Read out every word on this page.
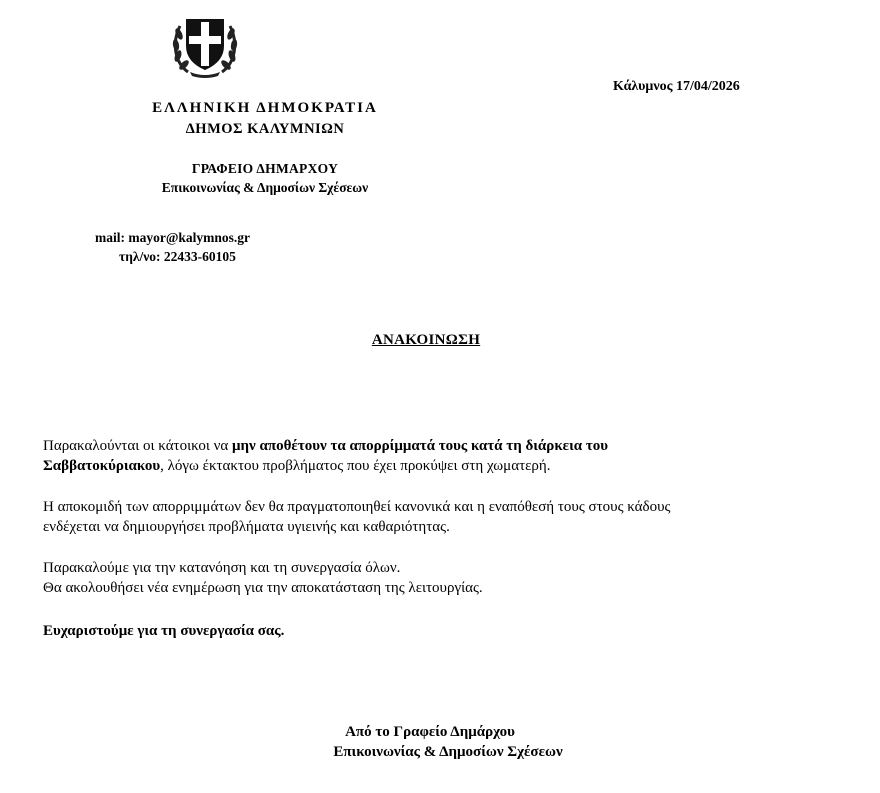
Κάλυμνος 17/04/2026
ΕΛΛΗΝΙΚΗ ΔΗΜΟΚΡΑΤΙΑ
ΔΗΜΟΣ ΚΑΛΥΜΝΙΩΝ
ΓΡΑΦΕΙΟ ΔΗΜΑΡΧΟΥ
Επικοινωνίας & Δημοσίων Σχέσεων
mail: mayor@kalymnos.gr
τηλ/νο: 22433-60105
ΑΝΑΚΟΙΝΩΣΗ
Παρακαλούνται οι κάτοικοι να μην αποθέτουν τα απορρίμματά τους κατά τη διάρκεια του
Σαββατοκύριακου, λόγω έκτακτου προβλήματος που έχει προκύψει στη χωματερή.
Η αποκομιδή των απορριμμάτων δεν θα πραγματοποιηθεί κανονικά και η εναπόθεσή τους στους κάδους
ενδέχεται να δημιουργήσει προβλήματα υγιεινής και καθαριότητας.
Παρακαλούμε για την κατανόηση και τη συνεργασία όλων.
Θα ακολουθήσει νέα ενημέρωση για την αποκατάσταση της λειτουργίας.
Ευχαριστούμε για τη συνεργασία σας.
Από το Γραφείο Δημάρχου
Επικοινωνίας & Δημοσίων Σχέσεων
